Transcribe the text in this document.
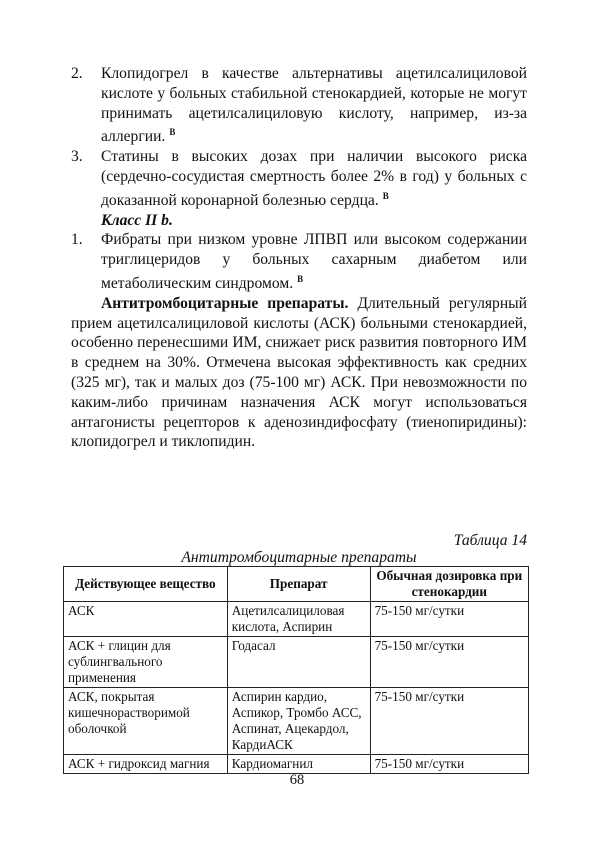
2. Клопидогрел в качестве альтернативы ацетилсалициловой кислоте у больных стабильной стенокардией, которые не могут принимать ацетилсалициловую кислоту, например, из-за аллергии. $^В$
3. Статины в высоких дозах при наличии высокого риска (сердечно-сосудистая смертность более 2% в год) у больных с доказанной коронарной болезнью сердца. $^В$
Класс II b.
1. Фибраты при низком уровне ЛПВП или высоком содержании триглицеридов у больных сахарным диабетом или метаболическим синдромом. $^В$

Антитромбоцитарные препараты. Длительный регулярный прием ацетилсалициловой кислоты (АСК) больными стенокардией, особенно перенесшими ИМ, снижает риск развития повторного ИМ в среднем на 30%. Отмечена высокая эффективность как средних (325 мг), так и малых доз (75-100 мг) АСК. При невозможности по каким-либо причинам назначения АСК могут использоваться антагонисты рецепторов к аденозиндифосфату (тиенопиридины): клопидогрел и тиклопидин.

Таблица 14
Антитромбоцитарные препараты
Действующее вещество	Препарат	Обычная дозировка при стенокардии
АСК	Ацетилсалициловая кислота, Аспирин	75-150 мг/сутки
АСК + глицин для сублингвального применения	Годасал	75-150 мг/сутки
АСК, покрытая кишечнорастворимой оболочкой	Аспирин кардио, Аспикор, Тромбо АСС, Аспинат, Ацекардол, КардиАСК	75-150 мг/сутки
АСК + гидроксид магния	Кардиомагнил	75-150 мг/сутки
68
